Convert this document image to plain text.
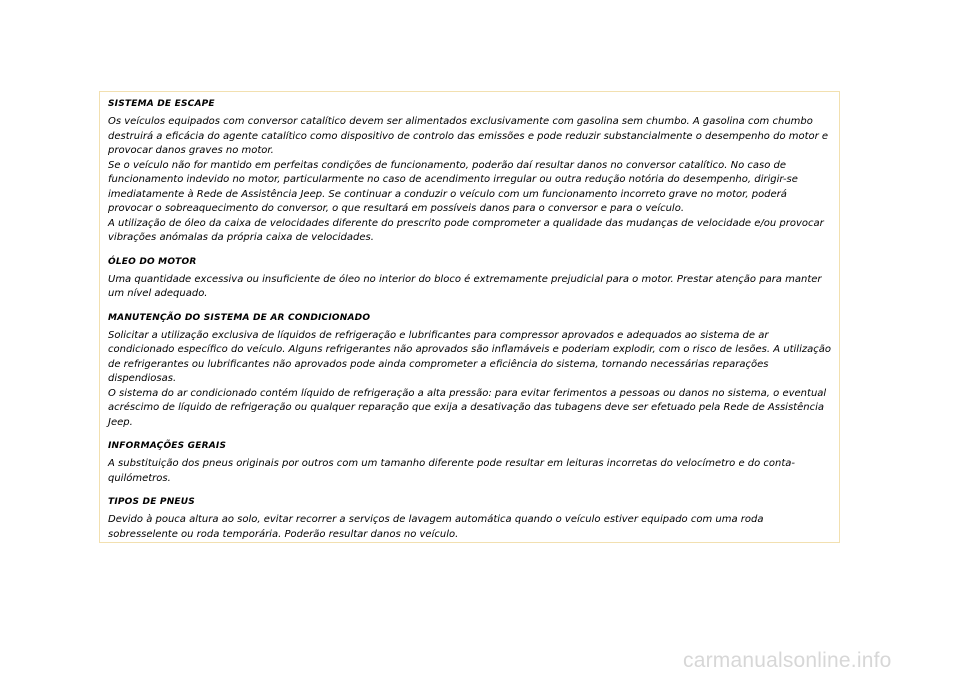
SISTEMA DE ESCAPE

Os veículos equipados com conversor catalítico devem ser alimentados exclusivamente com gasolina sem chumbo. A gasolina com chumbo destruirá a eficácia do agente catalítico como dispositivo de controlo das emissões e pode reduzir substancialmente o desempenho do motor e provocar danos graves no motor.

Se o veículo não for mantido em perfeitas condições de funcionamento, poderão daí resultar danos no conversor catalítico. No caso de funcionamento indevido no motor, particularmente no caso de acendimento irregular ou outra redução notória do desempenho, dirigir-se imediatamente à Rede de Assistência Jeep. Se continuar a conduzir o veículo com um funcionamento incorreto grave no motor, poderá provocar o sobreaquecimento do conversor, o que resultará em possíveis danos para o conversor e para o veículo.

A utilização de óleo da caixa de velocidades diferente do prescrito pode comprometer a qualidade das mudanças de velocidade e/ou provocar vibrações anómalas da própria caixa de velocidades.

ÓLEO DO MOTOR

Uma quantidade excessiva ou insuficiente de óleo no interior do bloco é extremamente prejudicial para o motor. Prestar atenção para manter um nível adequado.

MANUTENÇÃO DO SISTEMA DE AR CONDICIONADO

Solicitar a utilização exclusiva de líquidos de refrigeração e lubrificantes para compressor aprovados e adequados ao sistema de ar condicionado específico do veículo. Alguns refrigerantes não aprovados são inflamáveis e poderiam explodir, com o risco de lesões. A utilização de refrigerantes ou lubrificantes não aprovados pode ainda comprometer a eficiência do sistema, tornando necessárias reparações dispendiosas.

O sistema do ar condicionado contém líquido de refrigeração a alta pressão: para evitar ferimentos a pessoas ou danos no sistema, o eventual acréscimo de líquido de refrigeração ou qualquer reparação que exija a desativação das tubagens deve ser efetuado pela Rede de Assistência Jeep.

INFORMAÇÕES GERAIS

A substituição dos pneus originais por outros com um tamanho diferente pode resultar em leituras incorretas do velocímetro e do conta-quilómetros.

TIPOS DE PNEUS

Devido à pouca altura ao solo, evitar recorrer a serviços de lavagem automática quando o veículo estiver equipado com uma roda sobresselente ou roda temporária. Poderão resultar danos no veículo.

carmanualsonline.info
